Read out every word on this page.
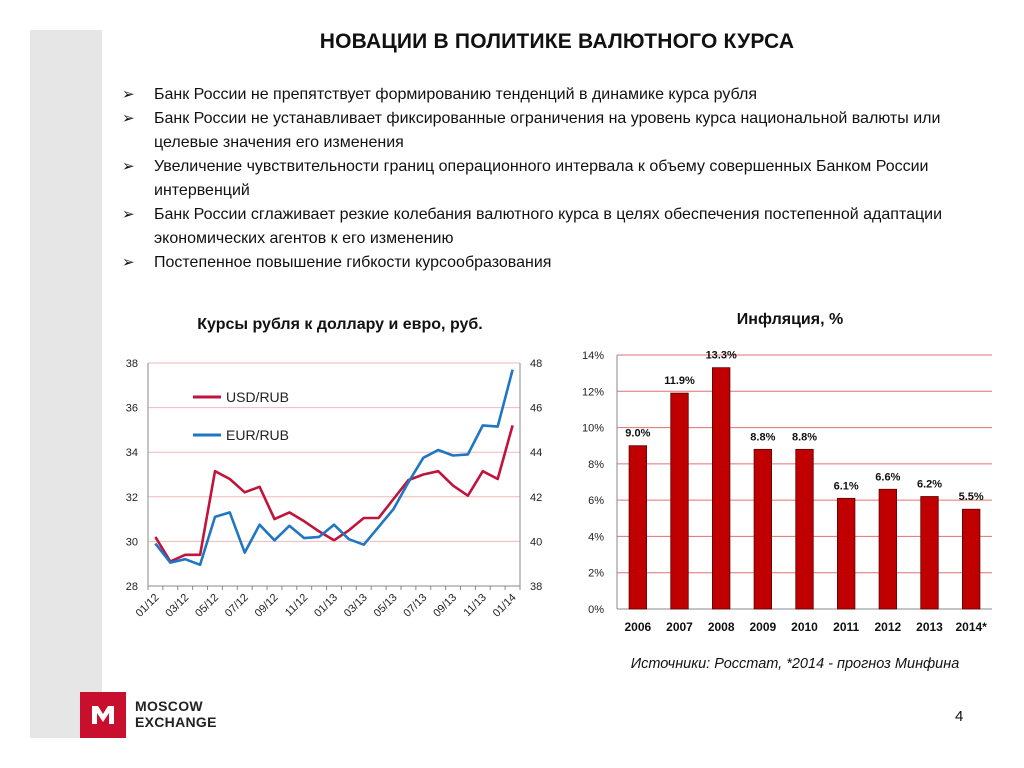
НОВАЦИИ В ПОЛИТИКЕ ВАЛЮТНОГО КУРСА
➢ Банк России не препятствует формированию тенденций в динамике курса рубля
➢ Банк России не устанавливает фиксированные ограничения на уровень курса национальной валюты или целевые значения его изменения
➢ Увеличение чувствительности границ операционного интервала к объему совершенных Банком России интервенций
➢ Банк России сглаживает резкие колебания валютного курса в целях обеспечения постепенной адаптации экономических агентов к его изменению
➢ Постепенное повышение гибкости курсообразования
Курсы рубля к доллару и евро, руб.
28
30
32
34
36
38
38
40
42
44
46
48
01/12 03/12 05/12 07/12 09/12 11/12 01/13 03/13 05/13 07/13 09/13 11/13 01/14
USD/RUB
EUR/RUB
Инфляция, %
0%
2%
4%
6%
8%
10%
12%
14%
9.0%
2006
11.9%
2007
13.3%
2008
8.8%
2009
8.8%
2010
6.1%
2011
6.6%
2012
6.2%
2013
5.5%
2014*
Источники: Росстат, *2014 - прогноз Минфина
MOSCOW
EXCHANGE	4
